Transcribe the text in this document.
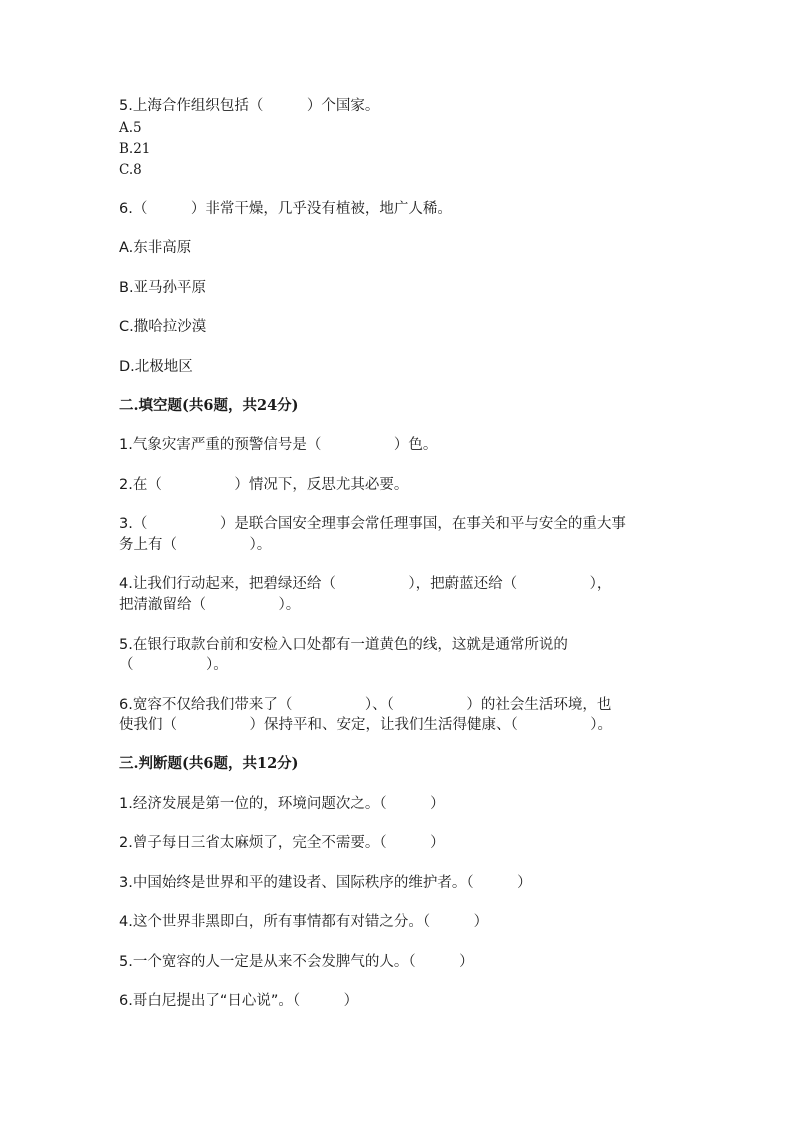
5.上海合作组织包括（　　　）个国家。
A.5
B.21
C.8
6.（　　　）非常干燥，几乎没有植被，地广人稀。
A.东非高原
B.亚马孙平原
C.撒哈拉沙漠
D.北极地区
二.填空题(共6题，共24分)
1.气象灾害严重的预警信号是（　　　　　）色。
2.在（　　　　　）情况下，反思尤其必要。
3.（　　　　　）是联合国安全理事会常任理事国，在事关和平与安全的重大事
务上有（　　　　　）。
4.让我们行动起来，把碧绿还给（　　　　　），把蔚蓝还给（　　　　　），
把清澈留给（　　　　　）。
5.在银行取款台前和安检入口处都有一道黄色的线，这就是通常所说的
（　　　　　）。
6.宽容不仅给我们带来了（　　　　　）、（　　　　　）的社会生活环境，也
使我们（　　　　　）保持平和、安定，让我们生活得健康、（　　　　　）。
三.判断题(共6题，共12分)
1.经济发展是第一位的，环境问题次之。（　　　）
2.曾子每日三省太麻烦了，完全不需要。（　　　）
3.中国始终是世界和平的建设者、国际秩序的维护者。（　　　）
4.这个世界非黑即白，所有事情都有对错之分。（　　　）
5.一个宽容的人一定是从来不会发脾气的人。（　　　）
6.哥白尼提出了“日心说”。（　　　）
